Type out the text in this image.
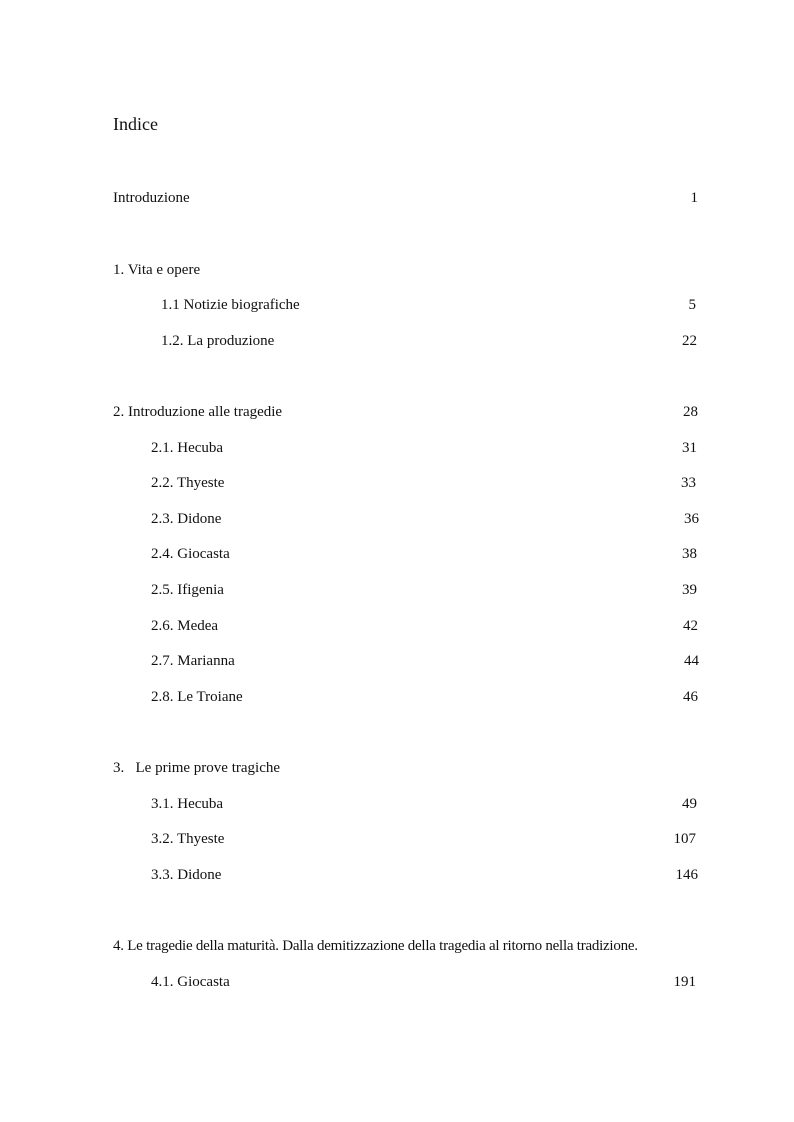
Indice
Introduzione	1
1. Vita e opere
1.1 Notizie biografiche	5
1.2. La produzione	22
2. Introduzione alle tragedie	28
2.1. Hecuba	31
2.2. Thyeste	33
2.3. Didone	36
2.4. Giocasta	38
2.5. Ifigenia	39
2.6. Medea	42
2.7. Marianna	44
2.8. Le Troiane	46
3.   Le prime prove tragiche
3.1. Hecuba	49
3.2. Thyeste	107
3.3. Didone	146
4. Le tragedie della maturità. Dalla demitizzazione della tragedia al ritorno nella tradizione.
4.1. Giocasta	191
